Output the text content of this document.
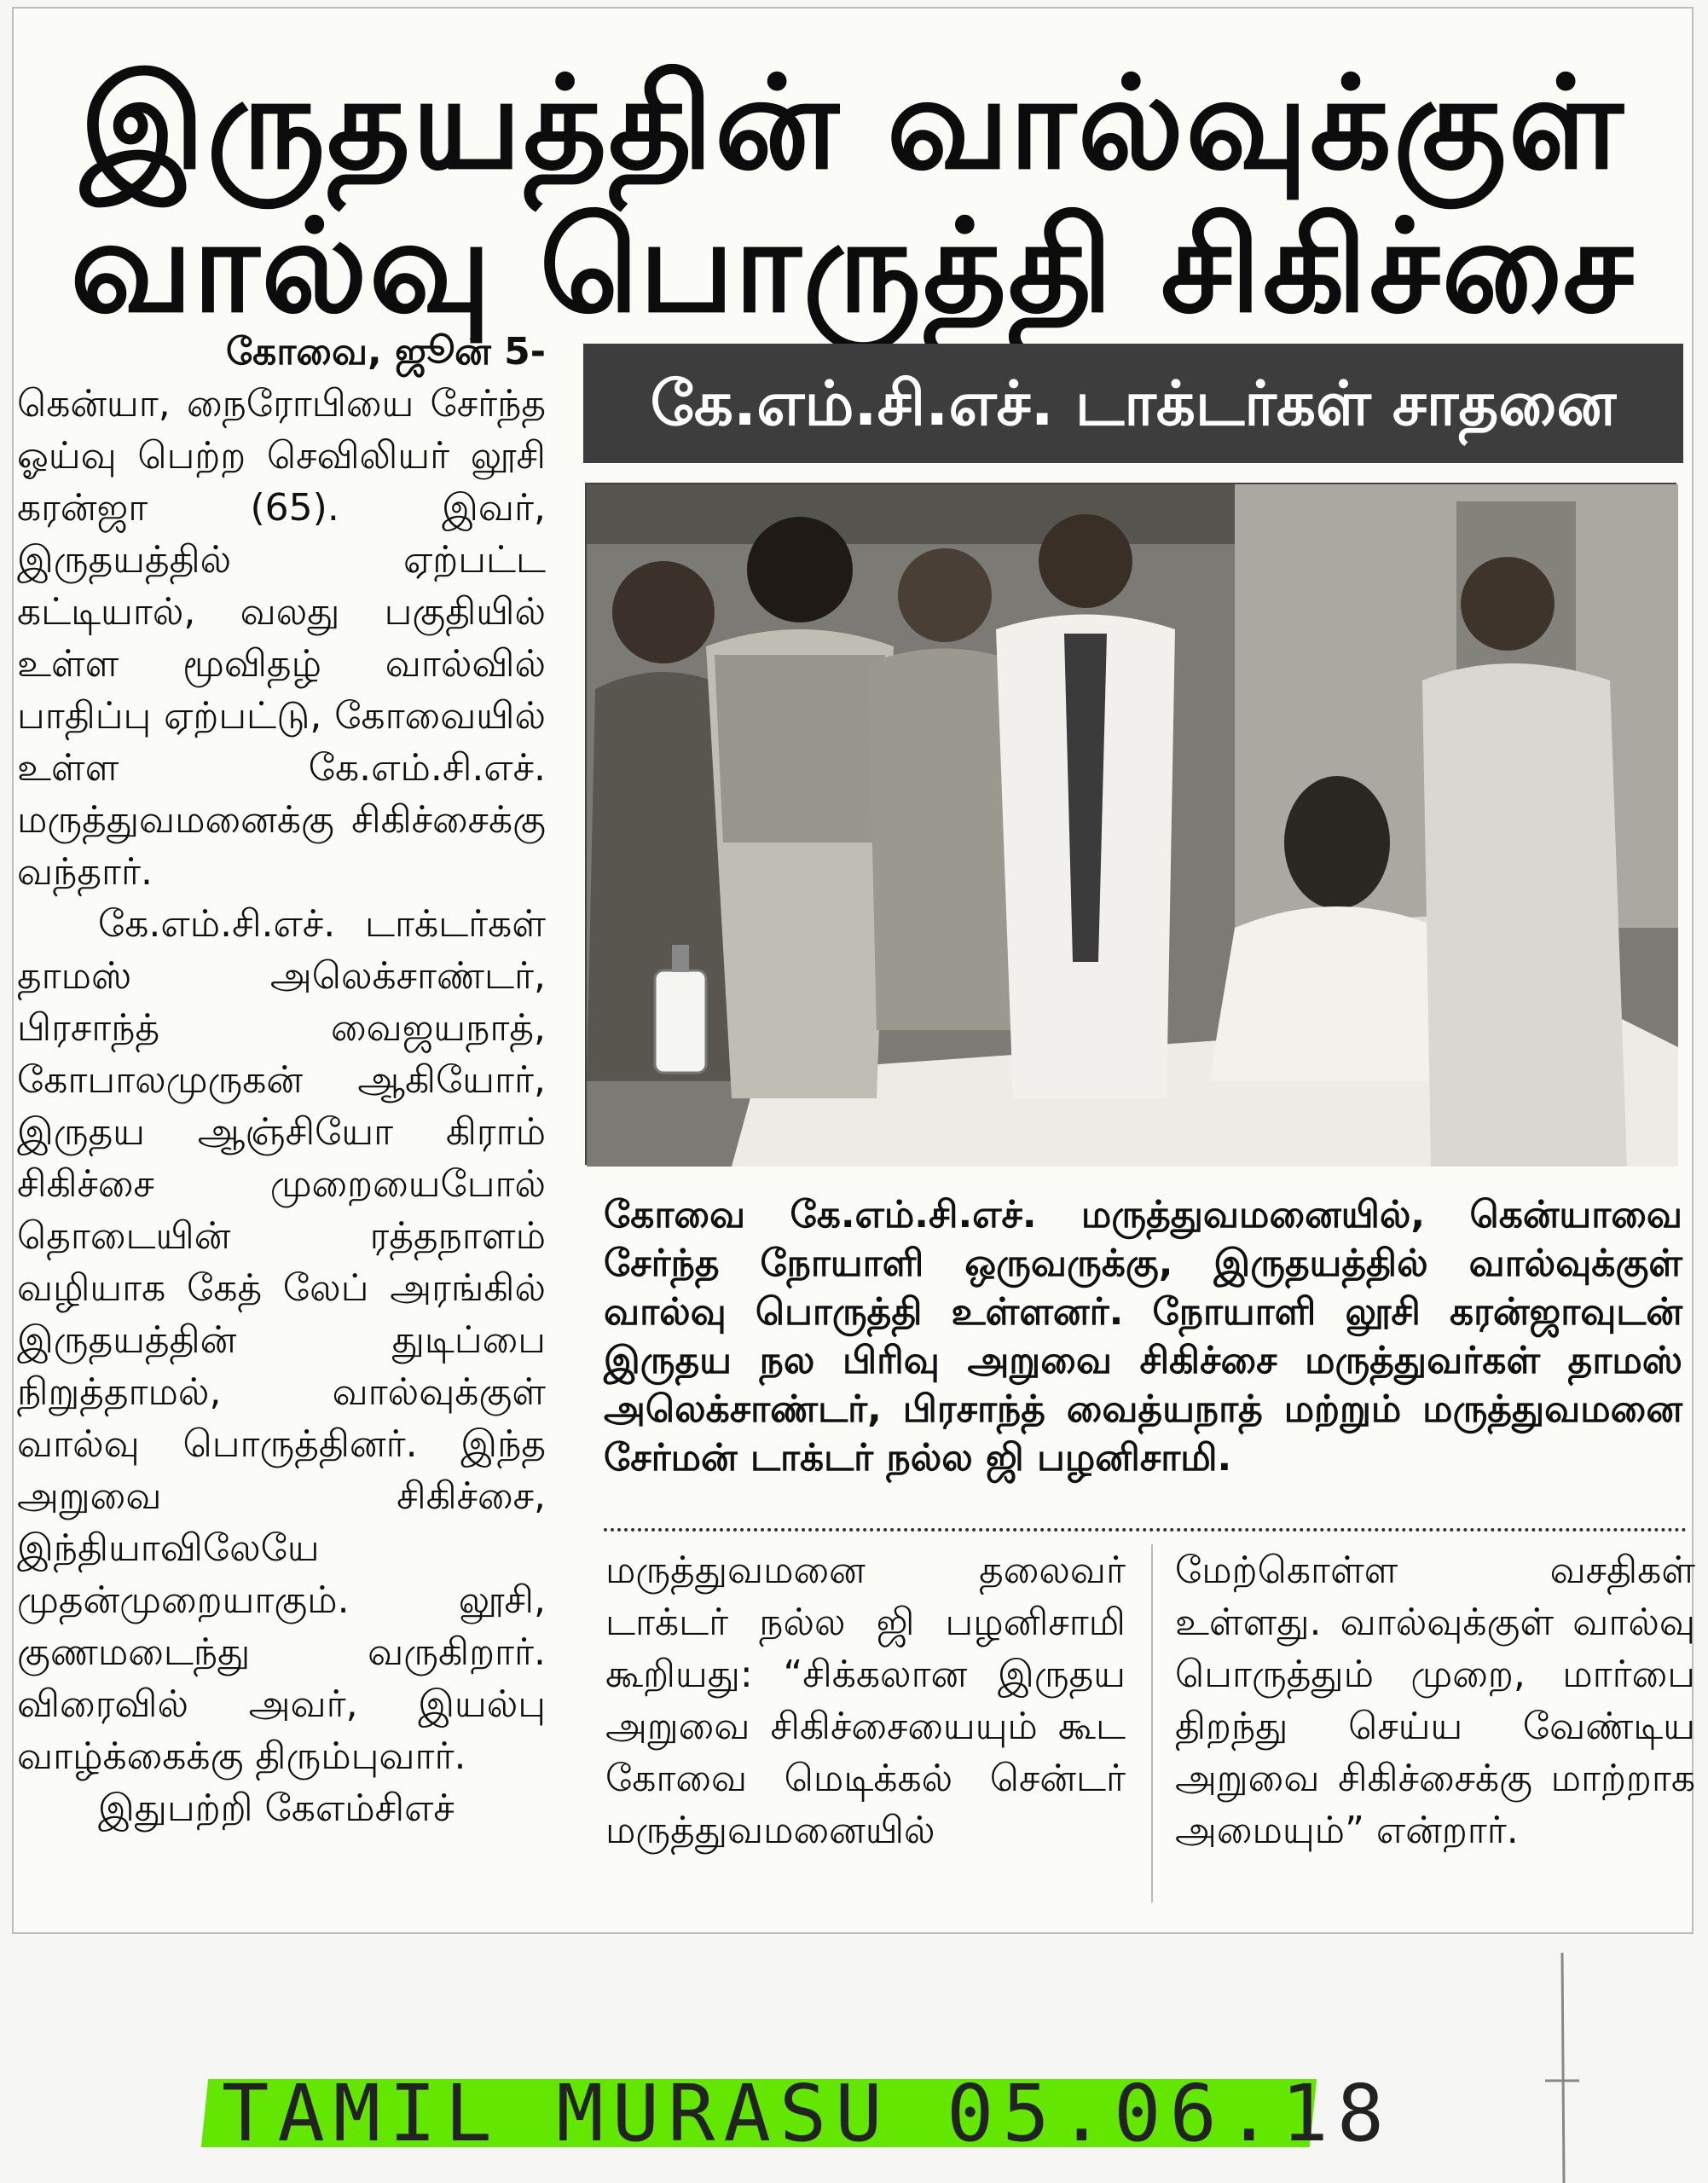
இருதயத்தின் வால்வுக்குள்
வால்வு பொருத்தி சிகிச்சை

கோவை, ஜூன் 5-

கென்யா, நைரோபியை சேர்ந்த ஓய்வு பெற்ற செவிலியர் லூசி கரன்ஜா (65). இவர், இருதயத்தில் ஏற்பட்ட கட்டியால், வலது பகுதியில் உள்ள மூவிதழ் வால்வில் பாதிப்பு ஏற்பட்டு, கோவையில் உள்ள கே.எம்.சி.எச். மருத்துவமனைக்கு சிகிச்சைக்கு வந்தார்.

கே.எம்.சி.எச். டாக்டர்கள் தாமஸ் அலெக்சாண்டர், பிரசாந்த் வைஜயநாத், கோபாலமுருகன் ஆகியோர், இருதய ஆஞ்சியோ கிராம் சிகிச்சை முறையைபோல் தொடையின் ரத்தநாளம் வழியாக கேத் லேப் அரங்கில் இருதயத்தின் துடிப்பை நிறுத்தாமல், வால்வுக்குள் வால்வு பொருத்தினர். இந்த அறுவை சிகிச்சை, இந்தியாவிலேயே முதன்முறையாகும். லூசி, குணமடைந்து வருகிறார். விரைவில் அவர், இயல்பு வாழ்க்கைக்கு திரும்புவார்.

இதுபற்றி கேஎம்சிஎச்

கே.எம்.சி.எச். டாக்டர்கள் சாதனை
கோவை கே.எம்.சி.எச். மருத்துவமனையில், கென்யாவை சேர்ந்த நோயாளி ஒருவருக்கு, இருதயத்தில் வால்வுக்குள் வால்வு பொருத்தி உள்ளனர். நோயாளி லூசி கரன்ஜாவுடன் இருதய நல பிரிவு அறுவை சிகிச்சை மருத்துவர்கள் தாமஸ் அலெக்சாண்டர், பிரசாந்த் வைத்யநாத் மற்றும் மருத்துவமனை சேர்மன் டாக்டர் நல்ல ஜி பழனிசாமி.
மருத்துவமனை தலைவர் டாக்டர் நல்ல ஜி பழனிசாமி கூறியது: “சிக்கலான இருதய அறுவை சிகிச்சையையும் கூட கோவை மெடிக்கல் சென்டர் மருத்துவமனையில்
மேற்கொள்ள வசதிகள் உள்ளது. வால்வுக்குள் வால்வு பொருத்தும் முறை, மார்பை திறந்து செய்ய வேண்டிய அறுவை சிகிச்சைக்கு மாற்றாக அமையும்” என்றார்.
TAMIL MURASU 05.06.18
